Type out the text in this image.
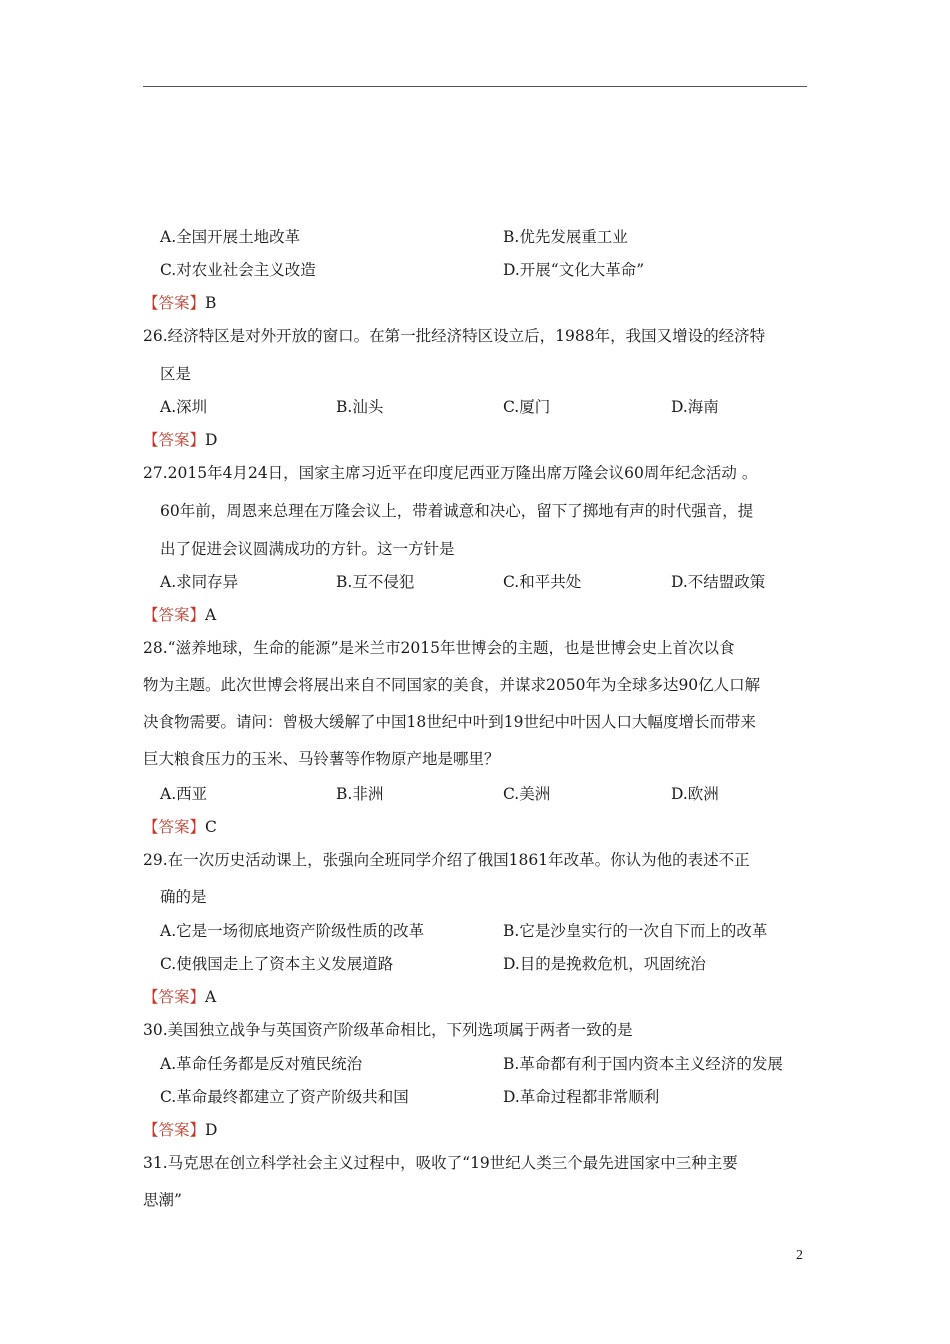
A.全国开展土地改革	B.优先发展重工业
C.对农业社会主义改造	D.开展“文化大革命”
【答案】B
26.经济特区是对外开放的窗口。在第一批经济特区设立后，1988年，我国又增设的经济特
区是
A.深圳	B.汕头	C.厦门	D.海南
【答案】D
27.2015年4月24日，国家主席习近平在印度尼西亚万隆出席万隆会议60周年纪念活动 。
60年前，周恩来总理在万隆会议上，带着诚意和决心，留下了掷地有声的时代强音，提
出了促进会议圆满成功的方针。这一方针是
A.求同存异	B.互不侵犯	C.和平共处	D.不结盟政策
【答案】A
28.“滋养地球，生命的能源”是米兰市2015年世博会的主题，也是世博会史上首次以食
物为主题。此次世博会将展出来自不同国家的美食，并谋求2050年为全球多达90亿人口解
决食物需要。请问：曾极大缓解了中国18世纪中叶到19世纪中叶因人口大幅度增长而带来
巨大粮食压力的玉米、马铃薯等作物原产地是哪里？
A.西亚	B.非洲	C.美洲	D.欧洲
【答案】C
29.在一次历史活动课上，张强向全班同学介绍了俄国1861年改革。你认为他的表述不正
确的是
A.它是一场彻底地资产阶级性质的改革	B.它是沙皇实行的一次自下而上的改革
C.使俄国走上了资本主义发展道路	D.目的是挽救危机，巩固统治
【答案】A
30.美国独立战争与英国资产阶级革命相比，下列选项属于两者一致的是
A.革命任务都是反对殖民统治	B.革命都有利于国内资本主义经济的发展
C.革命最终都建立了资产阶级共和国	D.革命过程都非常顺利
【答案】D
31.马克思在创立科学社会主义过程中，吸收了“19世纪人类三个最先进国家中三种主要
思潮”
2
